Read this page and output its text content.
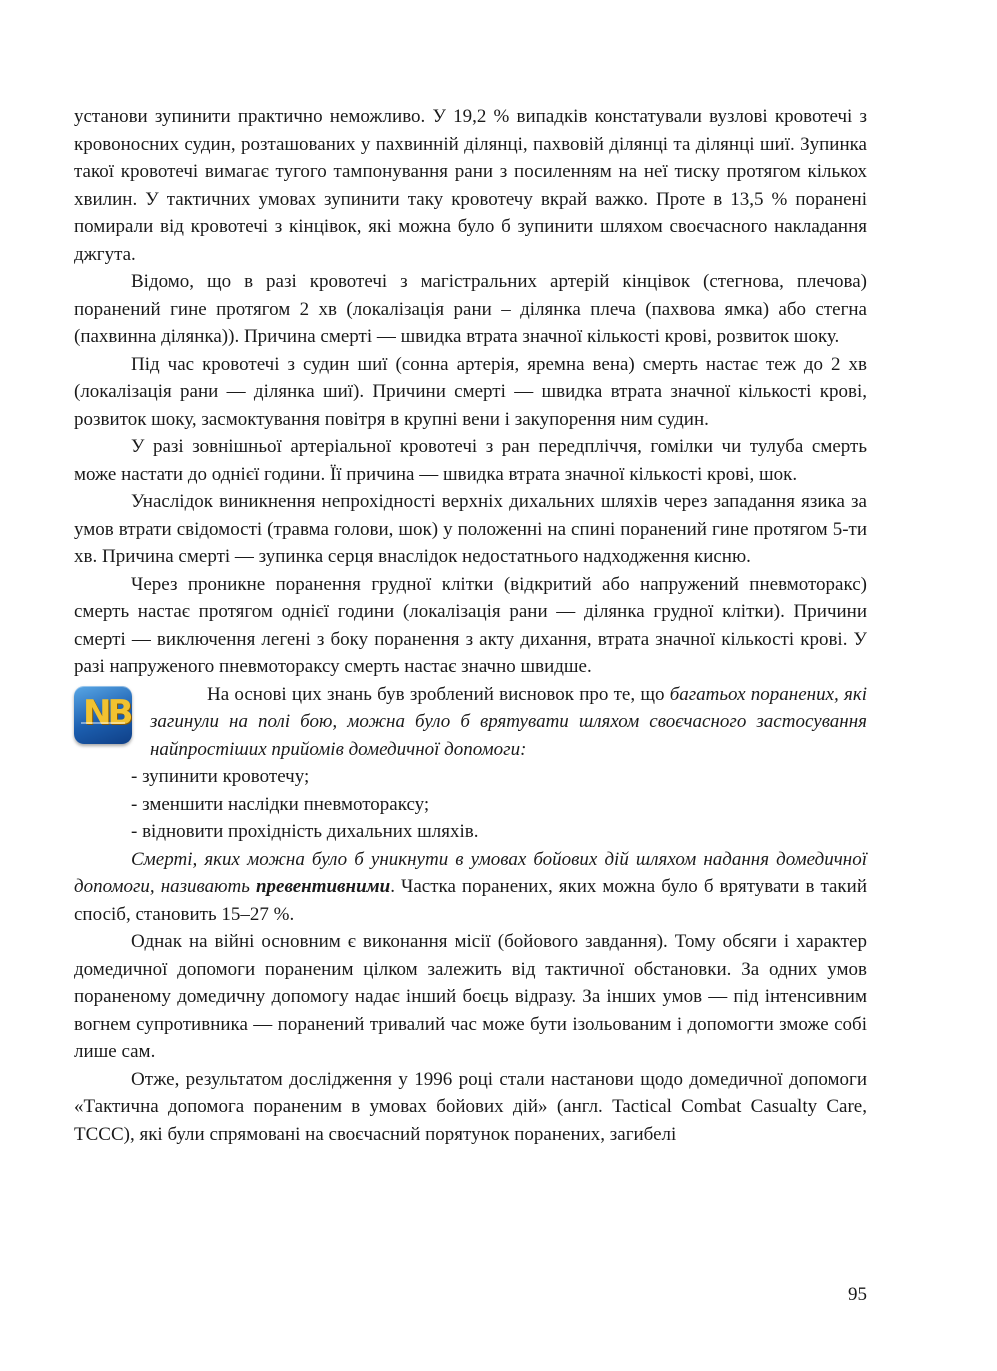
установи зупинити практично неможливо. У 19,2 % випадків констатували вузлові кровотечі з кровоносних судин, розташованих у пахвинній ділянці, пахвовій ділянці та ділянці шиї. Зупинка такої кровотечі вимагає тугого тампонування рани з посиленням на неї тиску протягом кількох хвилин. У тактичних умовах зупинити таку кровотечу вкрай важко. Проте в 13,5 % поранені помирали від кровотечі з кінцівок, які можна було б зупинити шляхом своєчасного накладання джгута.

Відомо, що в разі кровотечі з магістральних артерій кінцівок (стегнова, плечова) поранений гине протягом 2 хв (локалізація рани – ділянка плеча (пахвова ямка) або стегна (пахвинна ділянка)). Причина смерті — швидка втрата значної кількості крові, розвиток шоку.

Під час кровотечі з судин шиї (сонна артерія, яремна вена) смерть настає теж до 2 хв (локалізація рани — ділянка шиї). Причини смерті — швидка втрата значної кількості крові, розвиток шоку, засмоктування повітря в крупні вени і закупорення ним судин.

У разі зовнішньої артеріальної кровотечі з ран передпліччя, гомілки чи тулуба смерть може настати до однієї години. Її причина — швидка втрата значної кількості крові, шок.

Унаслідок виникнення непрохідності верхніх дихальних шляхів через западання язика за умов втрати свідомості (травма голови, шок) у положенні на спині поранений гине протягом 5-ти хв. Причина смерті — зупинка серця внаслідок недостатнього надходження кисню.

Через проникне поранення грудної клітки (відкритий або напружений пневмоторакс) смерть настає протягом однієї години (локалізація рани — ділянка грудної клітки). Причини смерті — виключення легені з боку поранення з акту дихання, втрата значної кількості крові. У разі напруженого пневмотораксу смерть настає значно швидше.

NB	На основі цих знань був зроблений висновок про те, що багатьох поранених, які загинули на полі бою, можна було б врятувати шляхом своєчасного застосування найпростіших прийомів домедичної допомоги:

- зупинити кровотечу;

- зменшити наслідки пневмотораксу;

- відновити прохідність дихальних шляхів.

Смерті, яких можна було б уникнути в умовах бойових дій шляхом надання домедичної допомоги, називають превентивними. Частка поранених, яких можна було б врятувати в такий спосіб, становить 15–27 %.

Однак на війні основним є виконання місії (бойового завдання). Тому обсяги і характер домедичної допомоги пораненим цілком залежить від тактичної обстановки. За одних умов пораненому домедичну допомогу надає інший боєць відразу. За інших умов — під інтенсивним вогнем супротивника — поранений тривалий час може бути ізольованим і допомогти зможе собі лише сам.

Отже, результатом дослідження у 1996 році стали настанови щодо домедичної допомоги «Тактична допомога пораненим в умовах бойових дій» (англ. Tactical Combat Casualty Care, TCCC), які були спрямовані на своєчасний порятунок поранених, загибелі

95
